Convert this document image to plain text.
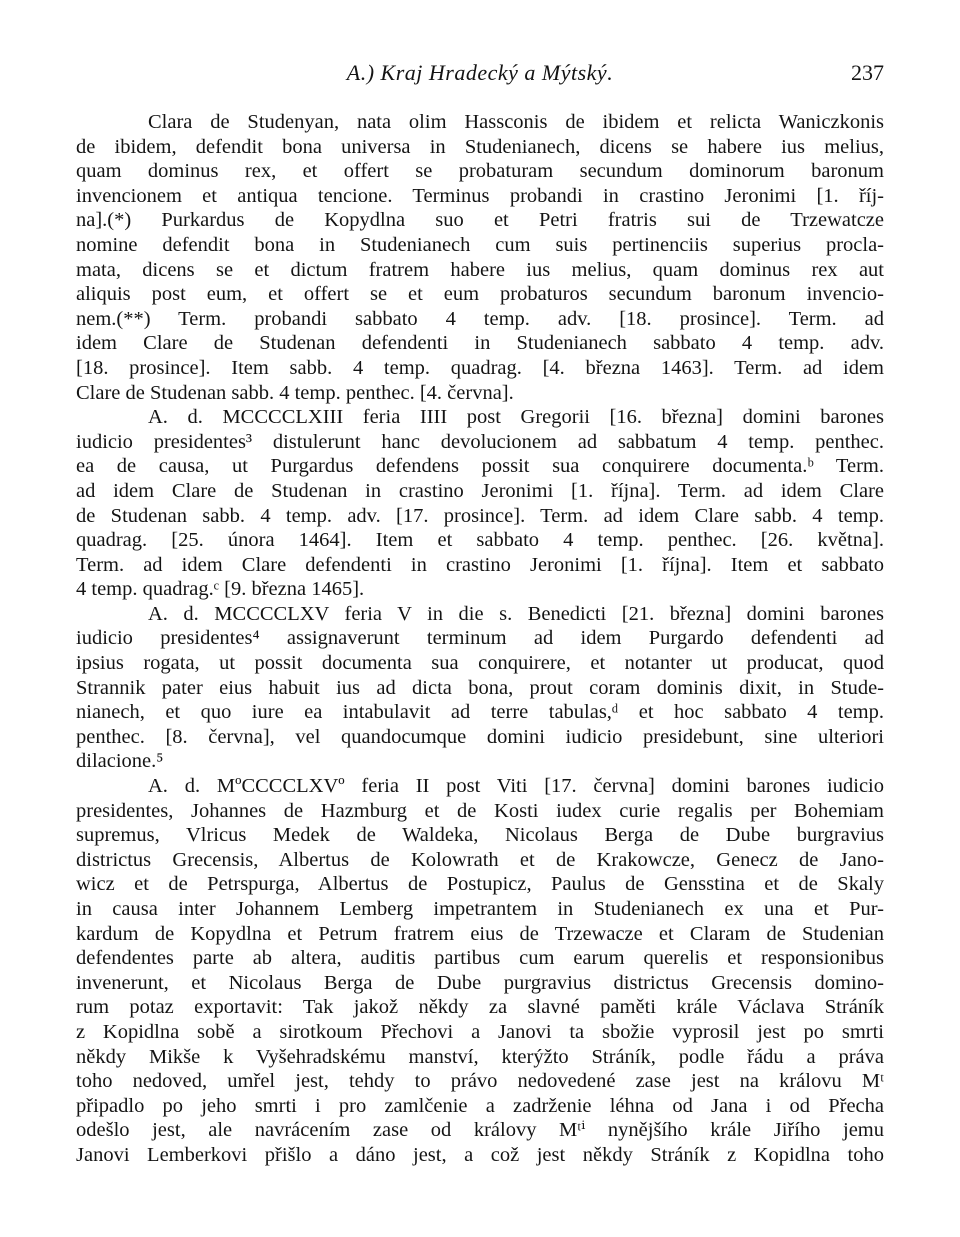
A.) Kraj Hradecký a Mýtský.	237
Clara de Studenyan, nata olim Hassconis de ibidem et relicta Waniczkonis
de ibidem, defendit bona universa in Studenianech, dicens se habere ius melius,
quam dominus rex, et offert se probaturam secundum dominorum baronum
invencionem et antiqua tencione. Terminus probandi in crastino Jeronimi [1. říj-
na].(*) Purkardus de Kopydlna suo et Petri fratris sui de Trzewatcze
nomine defendit bona in Studenianech cum suis pertinenciis superius procla-
mata, dicens se et dictum fratrem habere ius melius, quam dominus rex aut
aliquis post eum, et offert se et eum probaturos secundum baronum invencio-
nem.(**) Term. probandi sabbato 4 temp. adv. [18. prosince]. Term. ad
idem Clare de Studenan defendenti in Studenianech sabbato 4 temp. adv.
[18. prosince]. Item sabb. 4 temp. quadrag. [4. března 1463]. Term. ad idem
Clare de Studenan sabb. 4 temp. penthec. [4. června].
A. d. MCCCCLXIII feria IIII post Gregorii [16. března] domini barones
iudicio presidentes³ distulerunt hanc devolucionem ad sabbatum 4 temp. penthec.
ea de causa, ut Purgardus defendens possit sua conquirere documenta.ᵇ Term.
ad idem Clare de Studenan in crastino Jeronimi [1. října]. Term. ad idem Clare
de Studenan sabb. 4 temp. adv. [17. prosince]. Term. ad idem Clare sabb. 4 temp.
quadrag. [25. února 1464]. Item et sabbato 4 temp. penthec. [26. května].
Term. ad idem Clare defendenti in crastino Jeronimi [1. října]. Item et sabbato
4 temp. quadrag.ᶜ [9. března 1465].
A. d. MCCCCLXV feria V in die s. Benedicti [21. března] domini barones
iudicio presidentes⁴ assignaverunt terminum ad idem Purgardo defendenti ad
ipsius rogata, ut possit documenta sua conquirere, et notanter ut producat, quod
Strannik pater eius habuit ius ad dicta bona, prout coram dominis dixit, in Stude-
nianech, et quo iure ea intabulavit ad terre tabulas,ᵈ et hoc sabbato 4 temp.
penthec. [8. června], vel quandocumque domini iudicio presidebunt, sine ulteriori
dilacione.⁵
A. d. MºCCCCLXVº feria II post Viti [17. června] domini barones iudicio
presidentes, Johannes de Hazmburg et de Kosti iudex curie regalis per Bohemiam
supremus, Vlricus Medek de Waldeka, Nicolaus Berga de Dube burgravius
districtus Grecensis, Albertus de Kolowrath et de Krakowcze, Genecz de Jano-
wicz et de Petrspurga, Albertus de Postupicz, Paulus de Gensstina et de Skaly
in causa inter Johannem Lemberg impetrantem in Studenianech ex una et Pur-
kardum de Kopydlna et Petrum fratrem eius de Trzewacze et Claram de Studenian
defendentes parte ab altera, auditis partibus cum earum querelis et responsionibus
invenerunt, et Nicolaus Berga de Dube purgravius districtus Grecensis domino-
rum potaz exportavit: Tak jakož někdy za slavné paměti krále Václava Stráník
z Kopidlna sobě a sirotkoum Přechovi a Janovi ta sbožie vyprosil jest po smrti
někdy Mikše k Vyšehradskému manství, kterýžto Stráník, podle řádu a práva
toho nedoved, umřel jest, tehdy to právo nedovedené zase jest na královu Mᵗ
připadlo po jeho smrti i pro zamlčenie a zadrženie léhna od Jana i od Přecha
odešlo jest, ale navrácením zase od královy Mᵗⁱ nynějšího krále Jiřího jemu
Janovi Lemberkovi přišlo a dáno jest, a což jest někdy Stráník z Kopidlna toho
